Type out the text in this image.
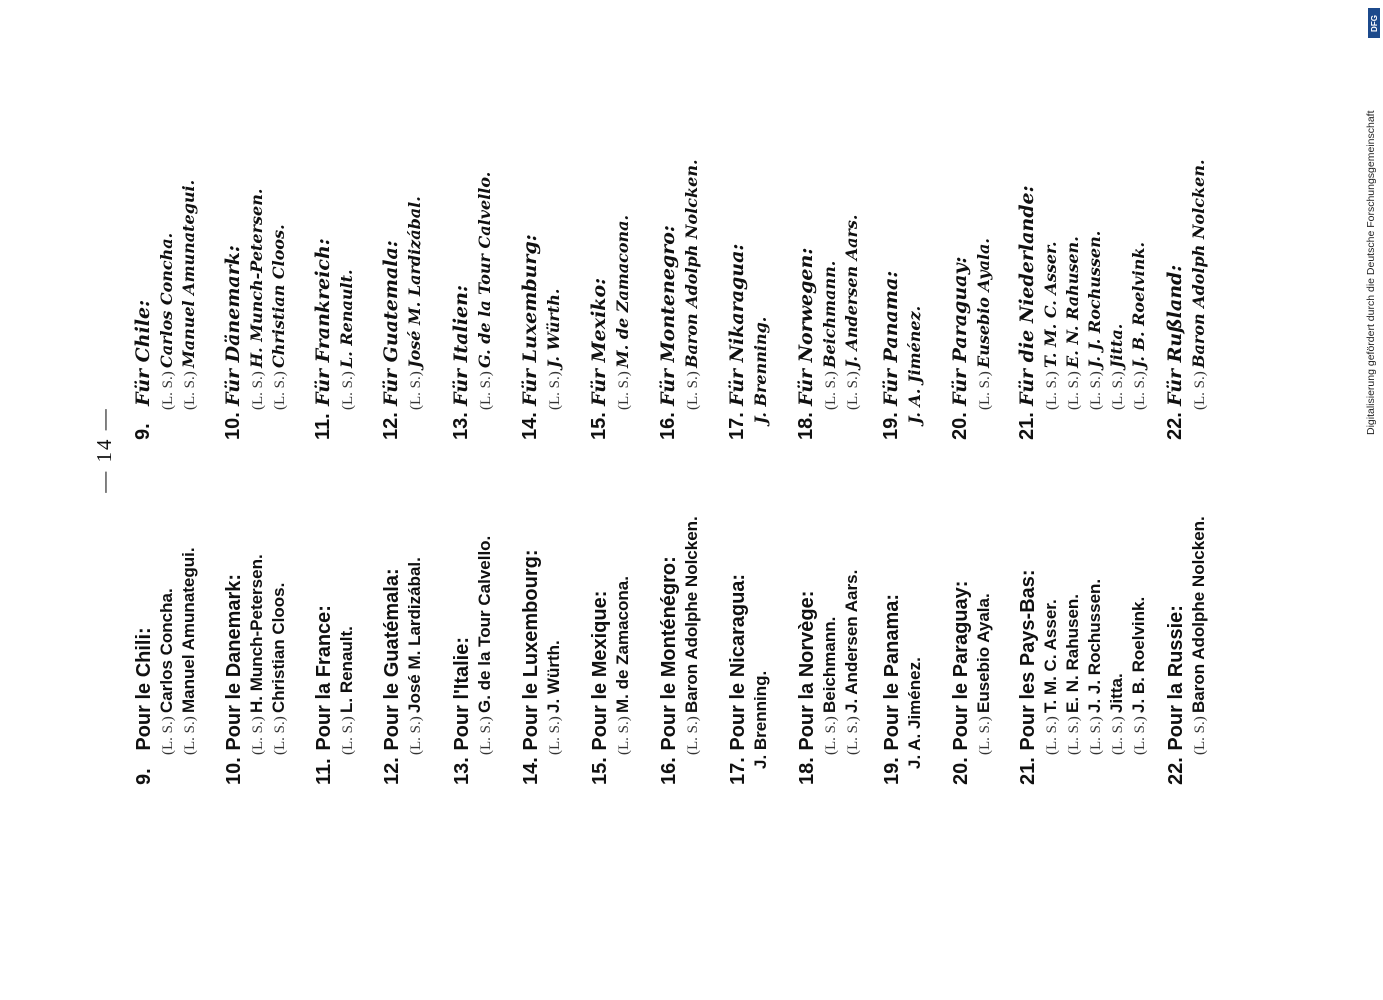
— 14 —
9. Pour le Chili: (L. S.)Carlos Concha.
(L. S.)Manuel Amunategui.
10. Pour le Danemark: (L. S.)H. Munch-Petersen.
(L. S.)Christian Cloos.
11. Pour la France: (L. S.)L. Renault.
12. Pour le Guatémala: (L. S.)José M. Lardizábal.
13. Pour l'Italie: (L. S.)G. de la Tour Calvello.
14. Pour le Luxembourg: (L. S.)J. Würth.
15. Pour le Mexique: (L. S.)M. de Zamacona.
16. Pour le Monténégro: (L. S.)Baron Adolphe Nolcken.
17. Pour le Nicaragua: J. Brenning.
18. Pour la Norvège: (L. S.)Beichmann.
(L. S.)J. Andersen Aars.
19. Pour le Panama: J. A. Jiménez.
20. Pour le Paraguay: (L. S.)Eusebio Ayala.
21. Pour les Pays-Bas: (L. S.)T. M. C. Asser.
(L. S.)E. N. Rahusen.
(L. S.)J. J. Rochussen.
(L. S.)Jitta.
(L. S.)J. B. Roelvink.
22. Pour la Russie: (L. S.)Baron Adolphe Nolcken.
9. Für Chile: (L. S.)Carlos Concha.
(L. S.)Manuel Amunategui.
10. Für Dänemark: (L. S.)H. Munch-Petersen.
(L. S.)Christian Cloos.
11. Für Frankreich: (L. S.)L. Renault.
12. Für Guatemala: (L. S.)José M. Lardizábal.
13. Für Italien: (L. S.)G. de la Tour Calvello.
14. Für Luxemburg: (L. S.)J. Würth.
15. Für Mexiko: (L. S.)M. de Zamacona.
16. Für Montenegro: (L. S.)Baron Adolph Nolcken.
17. Für Nikaragua: J. Brenning.
18. Für Norwegen: (L. S.)Beichmann.
(L. S.)J. Andersen Aars.
19. Für Panama: J. A. Jiménez.
20. Für Paraguay: (L. S.)Eusebio Ayala.
21. Für die Niederlande: (L. S.)T. M. C. Asser.
(L. S.)E. N. Rahusen.
(L. S.)J. J. Rochussen.
(L. S.)Jitta.
(L. S.)J. B. Roelvink.
22. Für Rußland: (L. S.)Baron Adolph Nolcken.
DFG
Digitalisierung gefördert durch die Deutsche Forschungsgemeinschaft
